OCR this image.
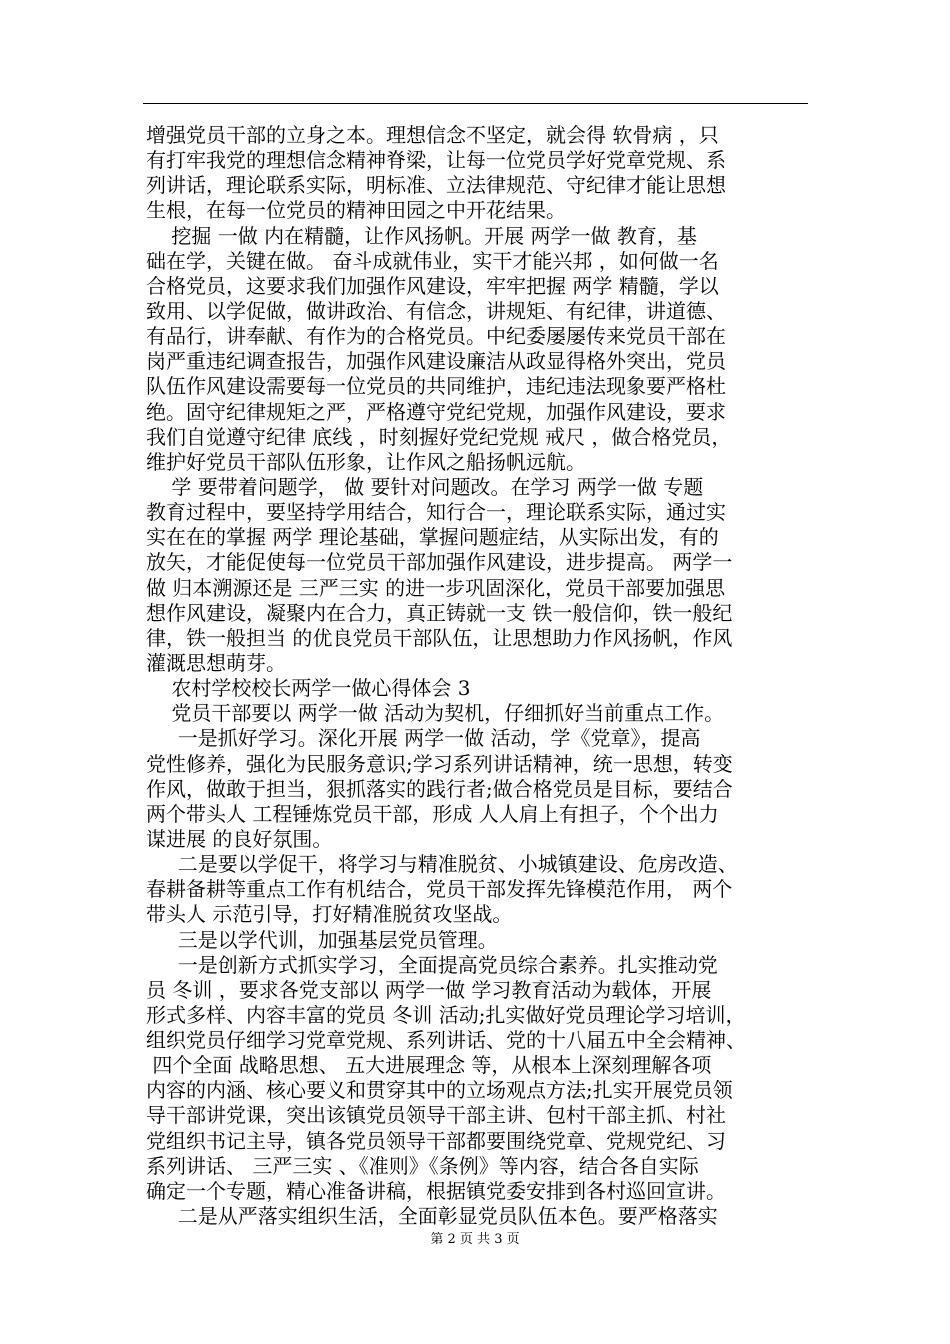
增强党员干部的立身之本。理想信念不坚定，就会得 软骨病 ，只
有打牢我党的理想信念精神脊梁，让每一位党员学好党章党规、系
列讲话，理论联系实际，明标准、立法律规范、守纪律才能让思想
生根，在每一位党员的精神田园之中开花结果。
挖掘 一做 内在精髓，让作风扬帆。开展 两学一做 教育，基
础在学，关键在做。 奋斗成就伟业，实干才能兴邦 ，如何做一名
合格党员，这要求我们加强作风建设，牢牢把握 两学 精髓，学以
致用、以学促做，做讲政治、有信念，讲规矩、有纪律，讲道德、
有品行，讲奉献、有作为的合格党员。中纪委屡屡传来党员干部在
岗严重违纪调查报告，加强作风建设廉洁从政显得格外突出，党员
队伍作风建设需要每一位党员的共同维护，违纪违法现象要严格杜
绝。固守纪律规矩之严，严格遵守党纪党规，加强作风建设，要求
我们自觉遵守纪律 底线 ，时刻握好党纪党规 戒尺 ，做合格党员，
维护好党员干部队伍形象，让作风之船扬帆远航。
学 要带着问题学， 做 要针对问题改。在学习 两学一做 专题
教育过程中，要坚持学用结合，知行合一，理论联系实际，通过实
实在在的掌握 两学 理论基础，掌握问题症结，从实际出发，有的
放矢，才能促使每一位党员干部加强作风建设，进步提高。 两学一
做 归本溯源还是 三严三实 的进一步巩固深化，党员干部要加强思
想作风建设，凝聚内在合力，真正铸就一支 铁一般信仰，铁一般纪
律，铁一般担当 的优良党员干部队伍，让思想助力作风扬帆，作风
灌溉思想萌芽。
农村学校校长两学一做心得体会 3
党员干部要以 两学一做 活动为契机，仔细抓好当前重点工作。
一是抓好学习。深化开展 两学一做 活动，学《党章》，提高
党性修养，强化为民服务意识;学习系列讲话精神，统一思想，转变
作风，做敢于担当，狠抓落实的践行者;做合格党员是目标，要结合
两个带头人 工程锤炼党员干部，形成 人人肩上有担子，个个出力
谋进展 的良好氛围。
二是要以学促干，将学习与精准脱贫、小城镇建设、危房改造、
春耕备耕等重点工作有机结合，党员干部发挥先锋模范作用， 两个
带头人 示范引导，打好精准脱贫攻坚战。
三是以学代训，加强基层党员管理。
一是创新方式抓实学习，全面提高党员综合素养。扎实推动党
员 冬训 ，要求各党支部以 两学一做 学习教育活动为载体，开展
形式多样、内容丰富的党员 冬训 活动;扎实做好党员理论学习培训，
组织党员仔细学习党章党规、系列讲话、党的十八届五中全会精神、
四个全面 战略思想、 五大进展理念 等，从根本上深刻理解各项
内容的内涵、核心要义和贯穿其中的立场观点方法;扎实开展党员领
导干部讲党课，突出该镇党员领导干部主讲、包村干部主抓、村社
党组织书记主导，镇各党员领导干部都要围绕党章、党规党纪、习
系列讲话、 三严三实 、《准则》《条例》等内容，结合各自实际
确定一个专题，精心准备讲稿，根据镇党委安排到各村巡回宣讲。
二是从严落实组织生活，全面彰显党员队伍本色。要严格落实
第 2 页 共 3 页
